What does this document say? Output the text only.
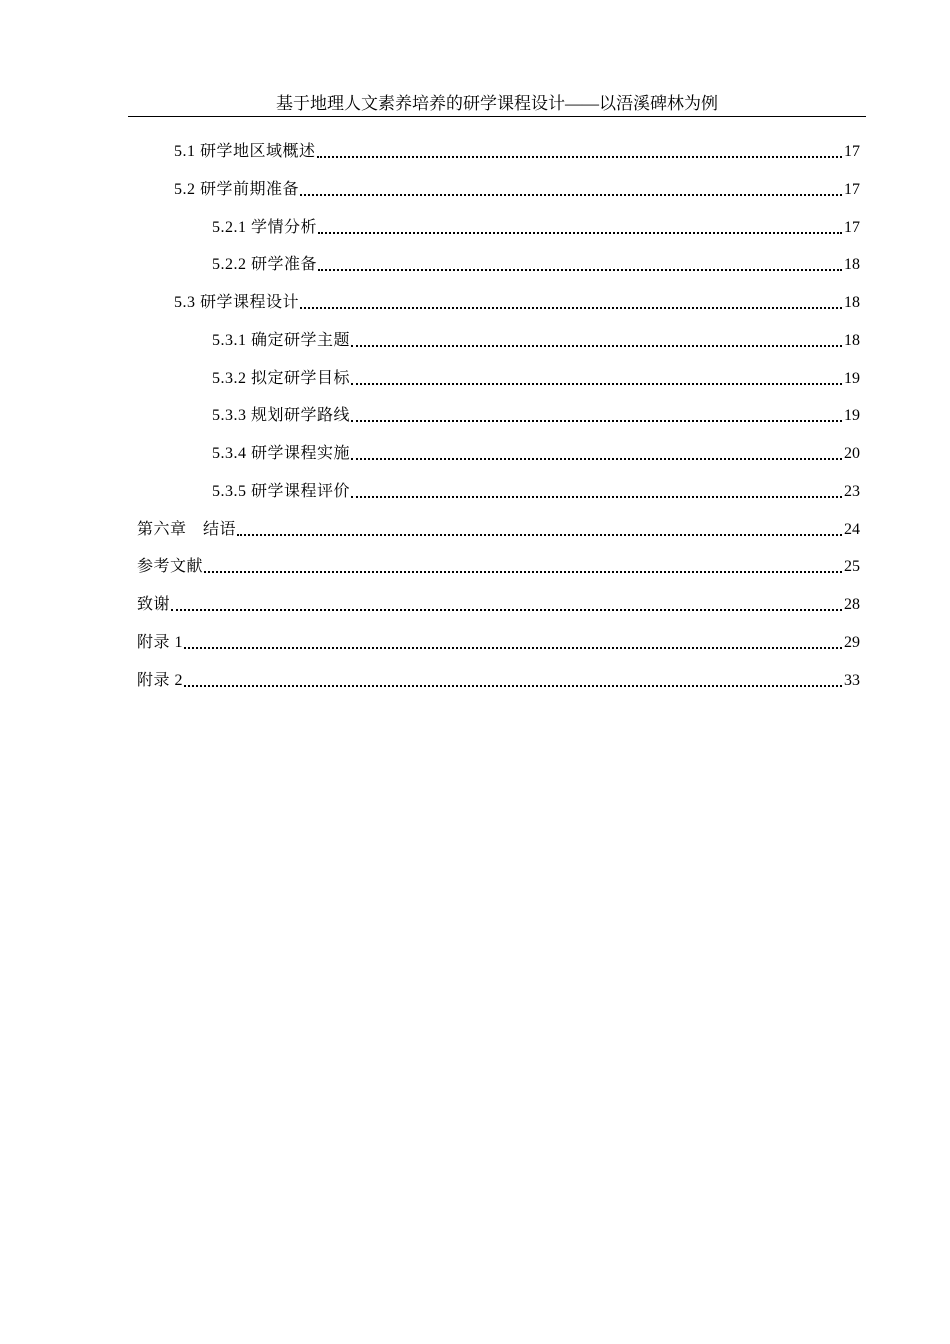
基于地理人文素养培养的研学课程设计——以浯溪碑林为例
5.1 研学地区域概述	17
5.2 研学前期准备	17
5.2.1 学情分析	17
5.2.2 研学准备	18
5.3 研学课程设计	18
5.3.1 确定研学主题	18
5.3.2 拟定研学目标	19
5.3.3 规划研学路线	19
5.3.4 研学课程实施	20
5.3.5 研学课程评价	23
第六章　结语	24
参考文献	25
致谢	28
附录 1	29
附录 2	33
